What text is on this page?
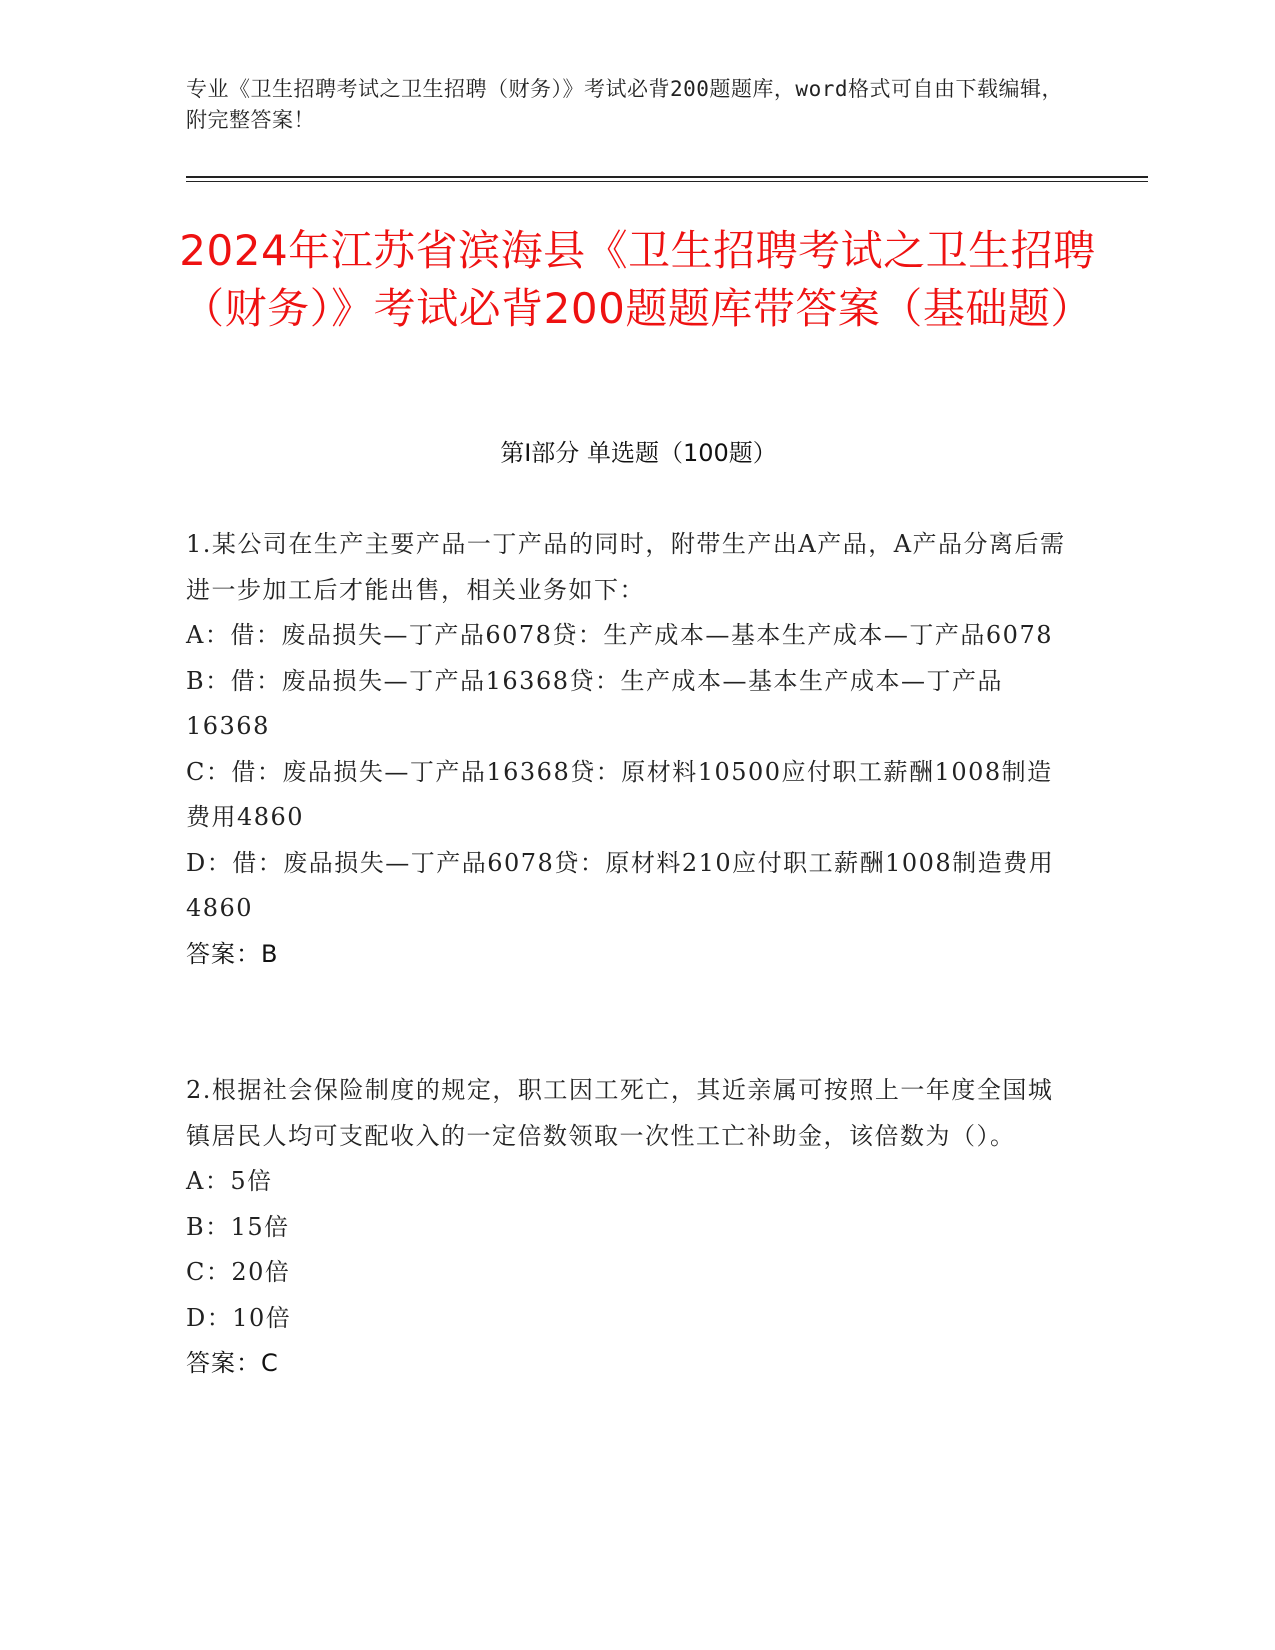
专业《卫生招聘考试之卫生招聘（财务）》考试必背200题题库，word格式可自由下载编辑，附完整答案！
2024年江苏省滨海县《卫生招聘考试之卫生招聘（财务）》考试必背200题题库带答案（基础题）
第I部分 单选题（100题）

1.某公司在生产主要产品一丁产品的同时，附带生产出A产品，A产品分离后需进一步加工后才能出售，相关业务如下：

A：借：废品损失—丁产品6078贷：生产成本—基本生产成本—丁产品6078

B：借：废品损失—丁产品16368贷：生产成本—基本生产成本—丁产品16368

C：借：废品损失—丁产品16368贷：原材料10500应付职工薪酬1008制造费用4860

D：借：废品损失—丁产品6078贷：原材料210应付职工薪酬1008制造费用4860

答案：B

2.根据社会保险制度的规定，职工因工死亡，其近亲属可按照上一年度全国城镇居民人均可支配收入的一定倍数领取一次性工亡补助金，该倍数为（）。

A：5倍

B：15倍

C：20倍

D：10倍

答案：C
